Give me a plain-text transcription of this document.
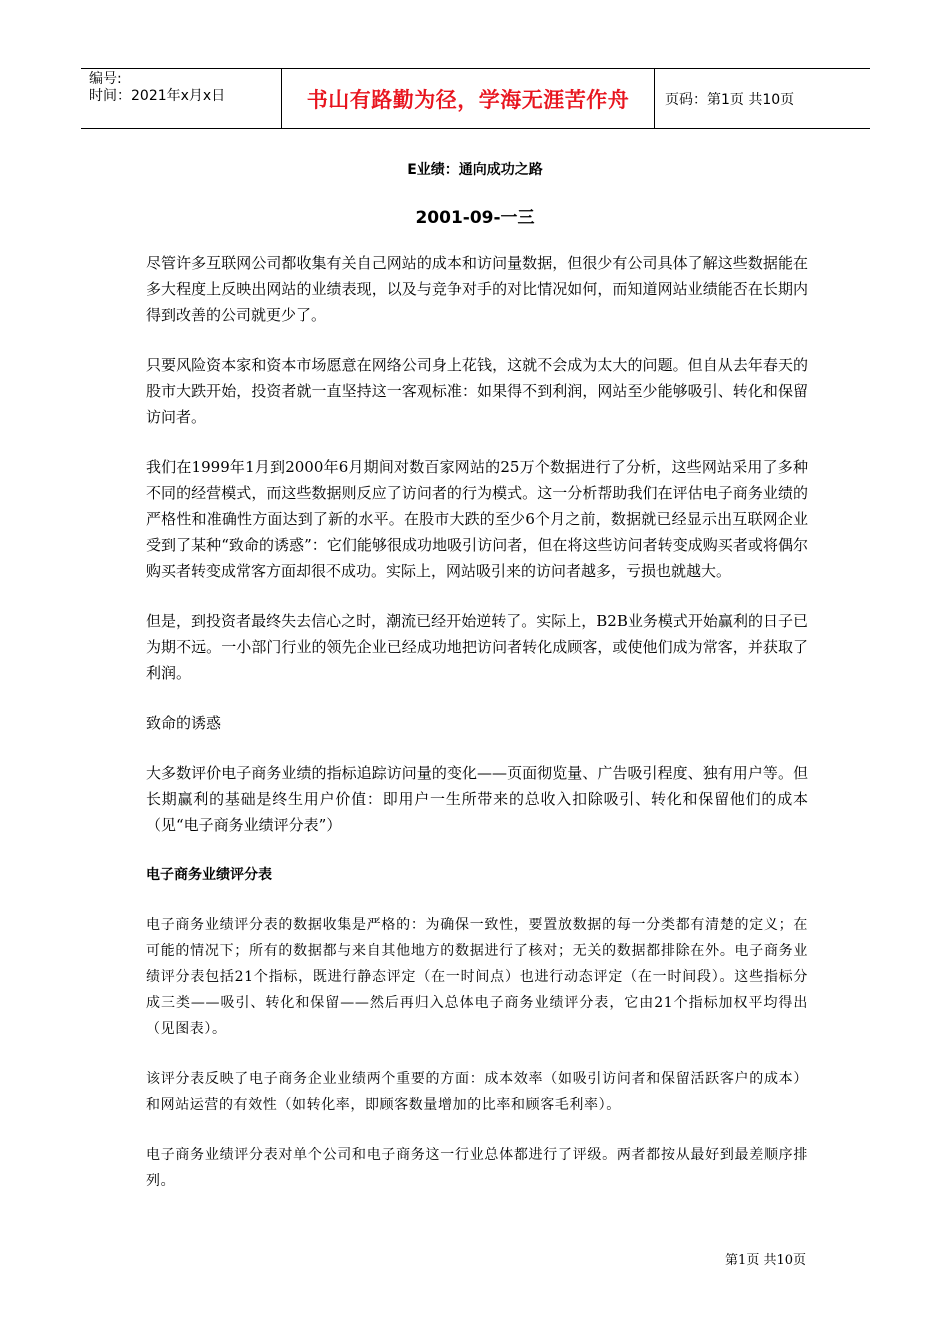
编号:
时间：2021年x月x日	书山有路勤为径，学海无涯苦作舟	页码：第1页 共10页
E业绩：通向成功之路
2001-09-一三

尽管许多互联网公司都收集有关自己网站的成本和访问量数据，但很少有公司具体了解这些数据能在多大程度上反映出网站的业绩表现，以及与竞争对手的对比情况如何，而知道网站业绩能否在长期内得到改善的公司就更少了。

只要风险资本家和资本市场愿意在网络公司身上花钱，这就不会成为太大的问题。但自从去年春天的股市大跌开始，投资者就一直坚持这一客观标准：如果得不到利润，网站至少能够吸引、转化和保留访问者。

我们在1999年1月到2000年6月期间对数百家网站的25万个数据进行了分析，这些网站采用了多种不同的经营模式，而这些数据则反应了访问者的行为模式。这一分析帮助我们在评估电子商务业绩的严格性和准确性方面达到了新的水平。在股市大跌的至少6个月之前，数据就已经显示出互联网企业受到了某种“致命的诱惑”：它们能够很成功地吸引访问者，但在将这些访问者转变成购买者或将偶尔购买者转变成常客方面却很不成功。实际上，网站吸引来的访问者越多，亏损也就越大。

但是，到投资者最终失去信心之时，潮流已经开始逆转了。实际上，B2B业务模式开始赢利的日子已为期不远。一小部门行业的领先企业已经成功地把访问者转化成顾客，或使他们成为常客，并获取了利润。

致命的诱惑

大多数评价电子商务业绩的指标追踪访问量的变化——页面彻览量、广告吸引程度、独有用户等。但长期赢利的基础是终生用户价值：即用户一生所带来的总收入扣除吸引、转化和保留他们的成本（见“电子商务业绩评分表”）

电子商务业绩评分表

电子商务业绩评分表的数据收集是严格的：为确保一致性，要置放数据的每一分类都有清楚的定义；在可能的情况下；所有的数据都与来自其他地方的数据进行了核对；无关的数据都排除在外。电子商务业绩评分表包括21个指标，既进行静态评定（在一时间点）也进行动态评定（在一时间段）。这些指标分成三类——吸引、转化和保留——然后再归入总体电子商务业绩评分表，它由21个指标加权平均得出（见图表）。

该评分表反映了电子商务企业业绩两个重要的方面：成本效率（如吸引访问者和保留活跃客户的成本）和网站运营的有效性（如转化率，即顾客数量增加的比率和顾客毛利率）。

电子商务业绩评分表对单个公司和电子商务这一行业总体都进行了评级。两者都按从最好到最差顺序排列。

第1页 共10页
